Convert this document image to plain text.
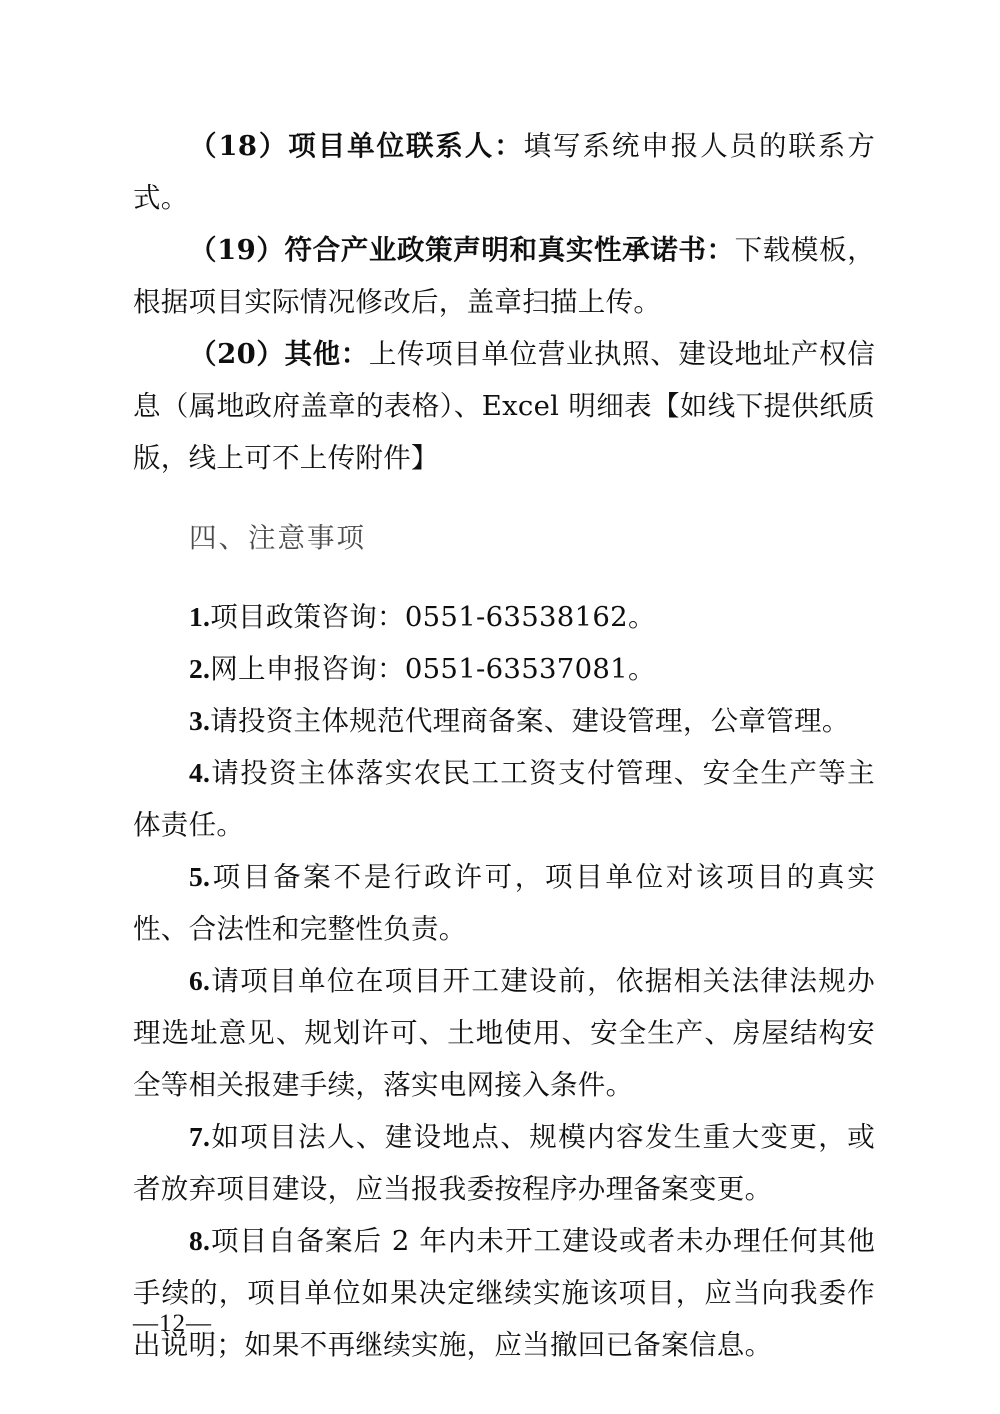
（18）项目单位联系人：填写系统申报人员的联系方式。

（19）符合产业政策声明和真实性承诺书：下载模板，根据项目实际情况修改后，盖章扫描上传。

（20）其他：上传项目单位营业执照、建设地址产权信息（属地政府盖章的表格）、Excel 明细表【如线下提供纸质版，线上可不上传附件】

四、注意事项

1.项目政策咨询：0551-63538162。

2.网上申报咨询：0551-63537081。

3.请投资主体规范代理商备案、建设管理，公章管理。

4.请投资主体落实农民工工资支付管理、安全生产等主体责任。

5.项目备案不是行政许可，项目单位对该项目的真实性、合法性和完整性负责。

6.请项目单位在项目开工建设前，依据相关法律法规办理选址意见、规划许可、土地使用、安全生产、房屋结构安全等相关报建手续，落实电网接入条件。

7.如项目法人、建设地点、规模内容发生重大变更，或者放弃项目建设，应当报我委按程序办理备案变更。

8.项目自备案后 2 年内未开工建设或者未办理任何其他手续的，项目单位如果决定继续实施该项目，应当向我委作出说明；如果不再继续实施，应当撤回已备案信息。

—12—
